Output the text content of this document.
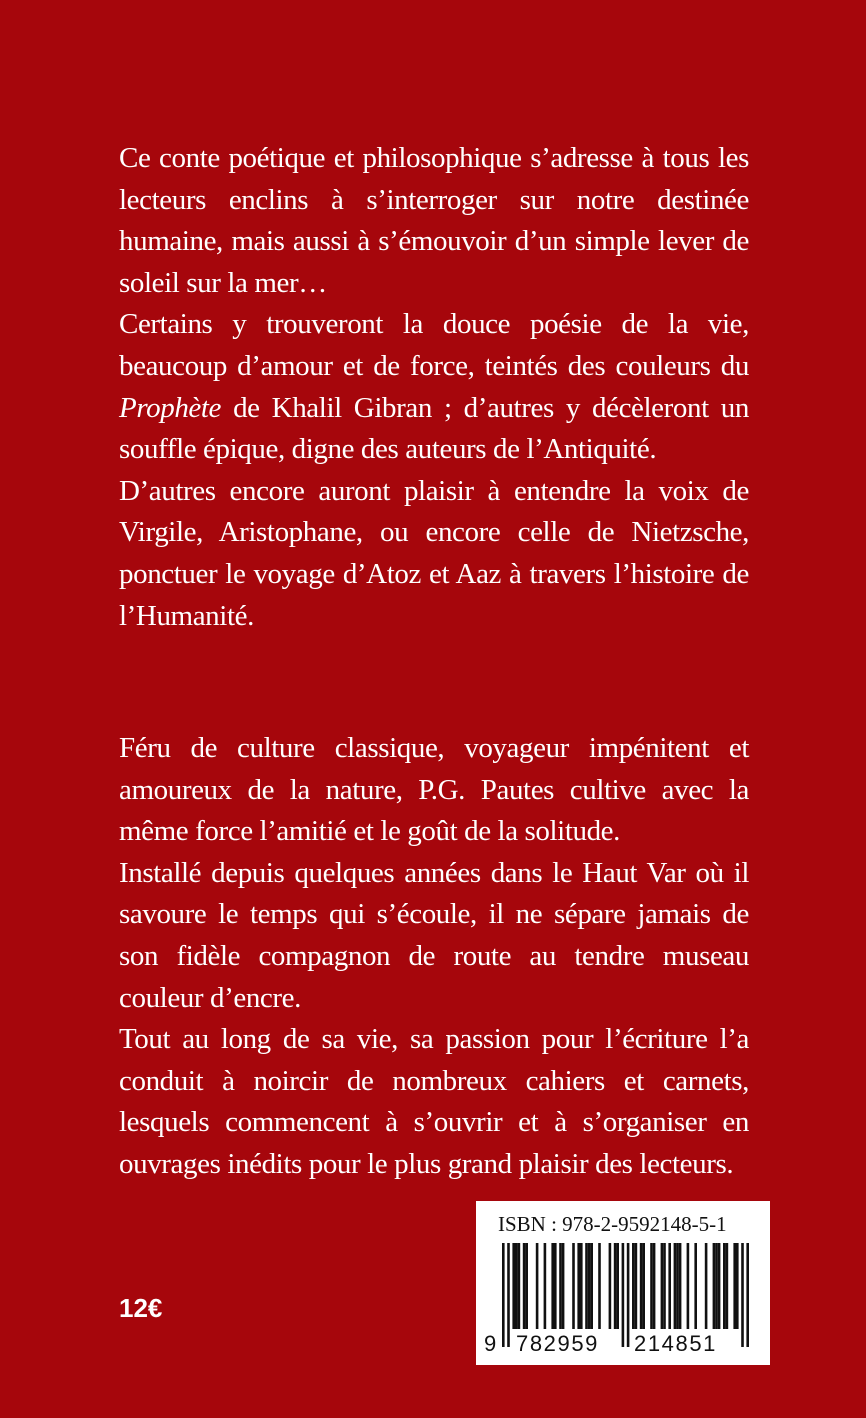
Ce conte poétique et philosophique s’adresse à tous les lecteurs enclins à s’interroger sur notre destinée humaine, mais aussi à s’émouvoir d’un simple lever de soleil sur la mer…

Certains y trouveront la douce poésie de la vie, beaucoup d’amour et de force, teintés des couleurs du Prophète de Khalil Gibran ; d’autres y décèleront un souffle épique, digne des auteurs de l’Antiquité.

D’autres encore auront plaisir à entendre la voix de Virgile, Aristophane, ou encore celle de Nietzsche, ponctuer le voyage d’Atoz et Aaz à travers l’histoire de l’Humanité.

Féru de culture classique, voyageur impénitent et amoureux de la nature, P.G. Pautes cultive avec la même force l’amitié et le goût de la solitude.

Installé depuis quelques années dans le Haut Var où il savoure le temps qui s’écoule, il ne sépare jamais de son fidèle compagnon de route au tendre museau couleur d’encre.

Tout au long de sa vie, sa passion pour l’écriture l’a conduit à noircir de nombreux cahiers et carnets, lesquels commencent à s’ouvrir et à s’organiser en ouvrages inédits pour le plus grand plaisir des lecteurs.

12€
ISBN : 978-2-9592148-5-1
9 782959 214851
